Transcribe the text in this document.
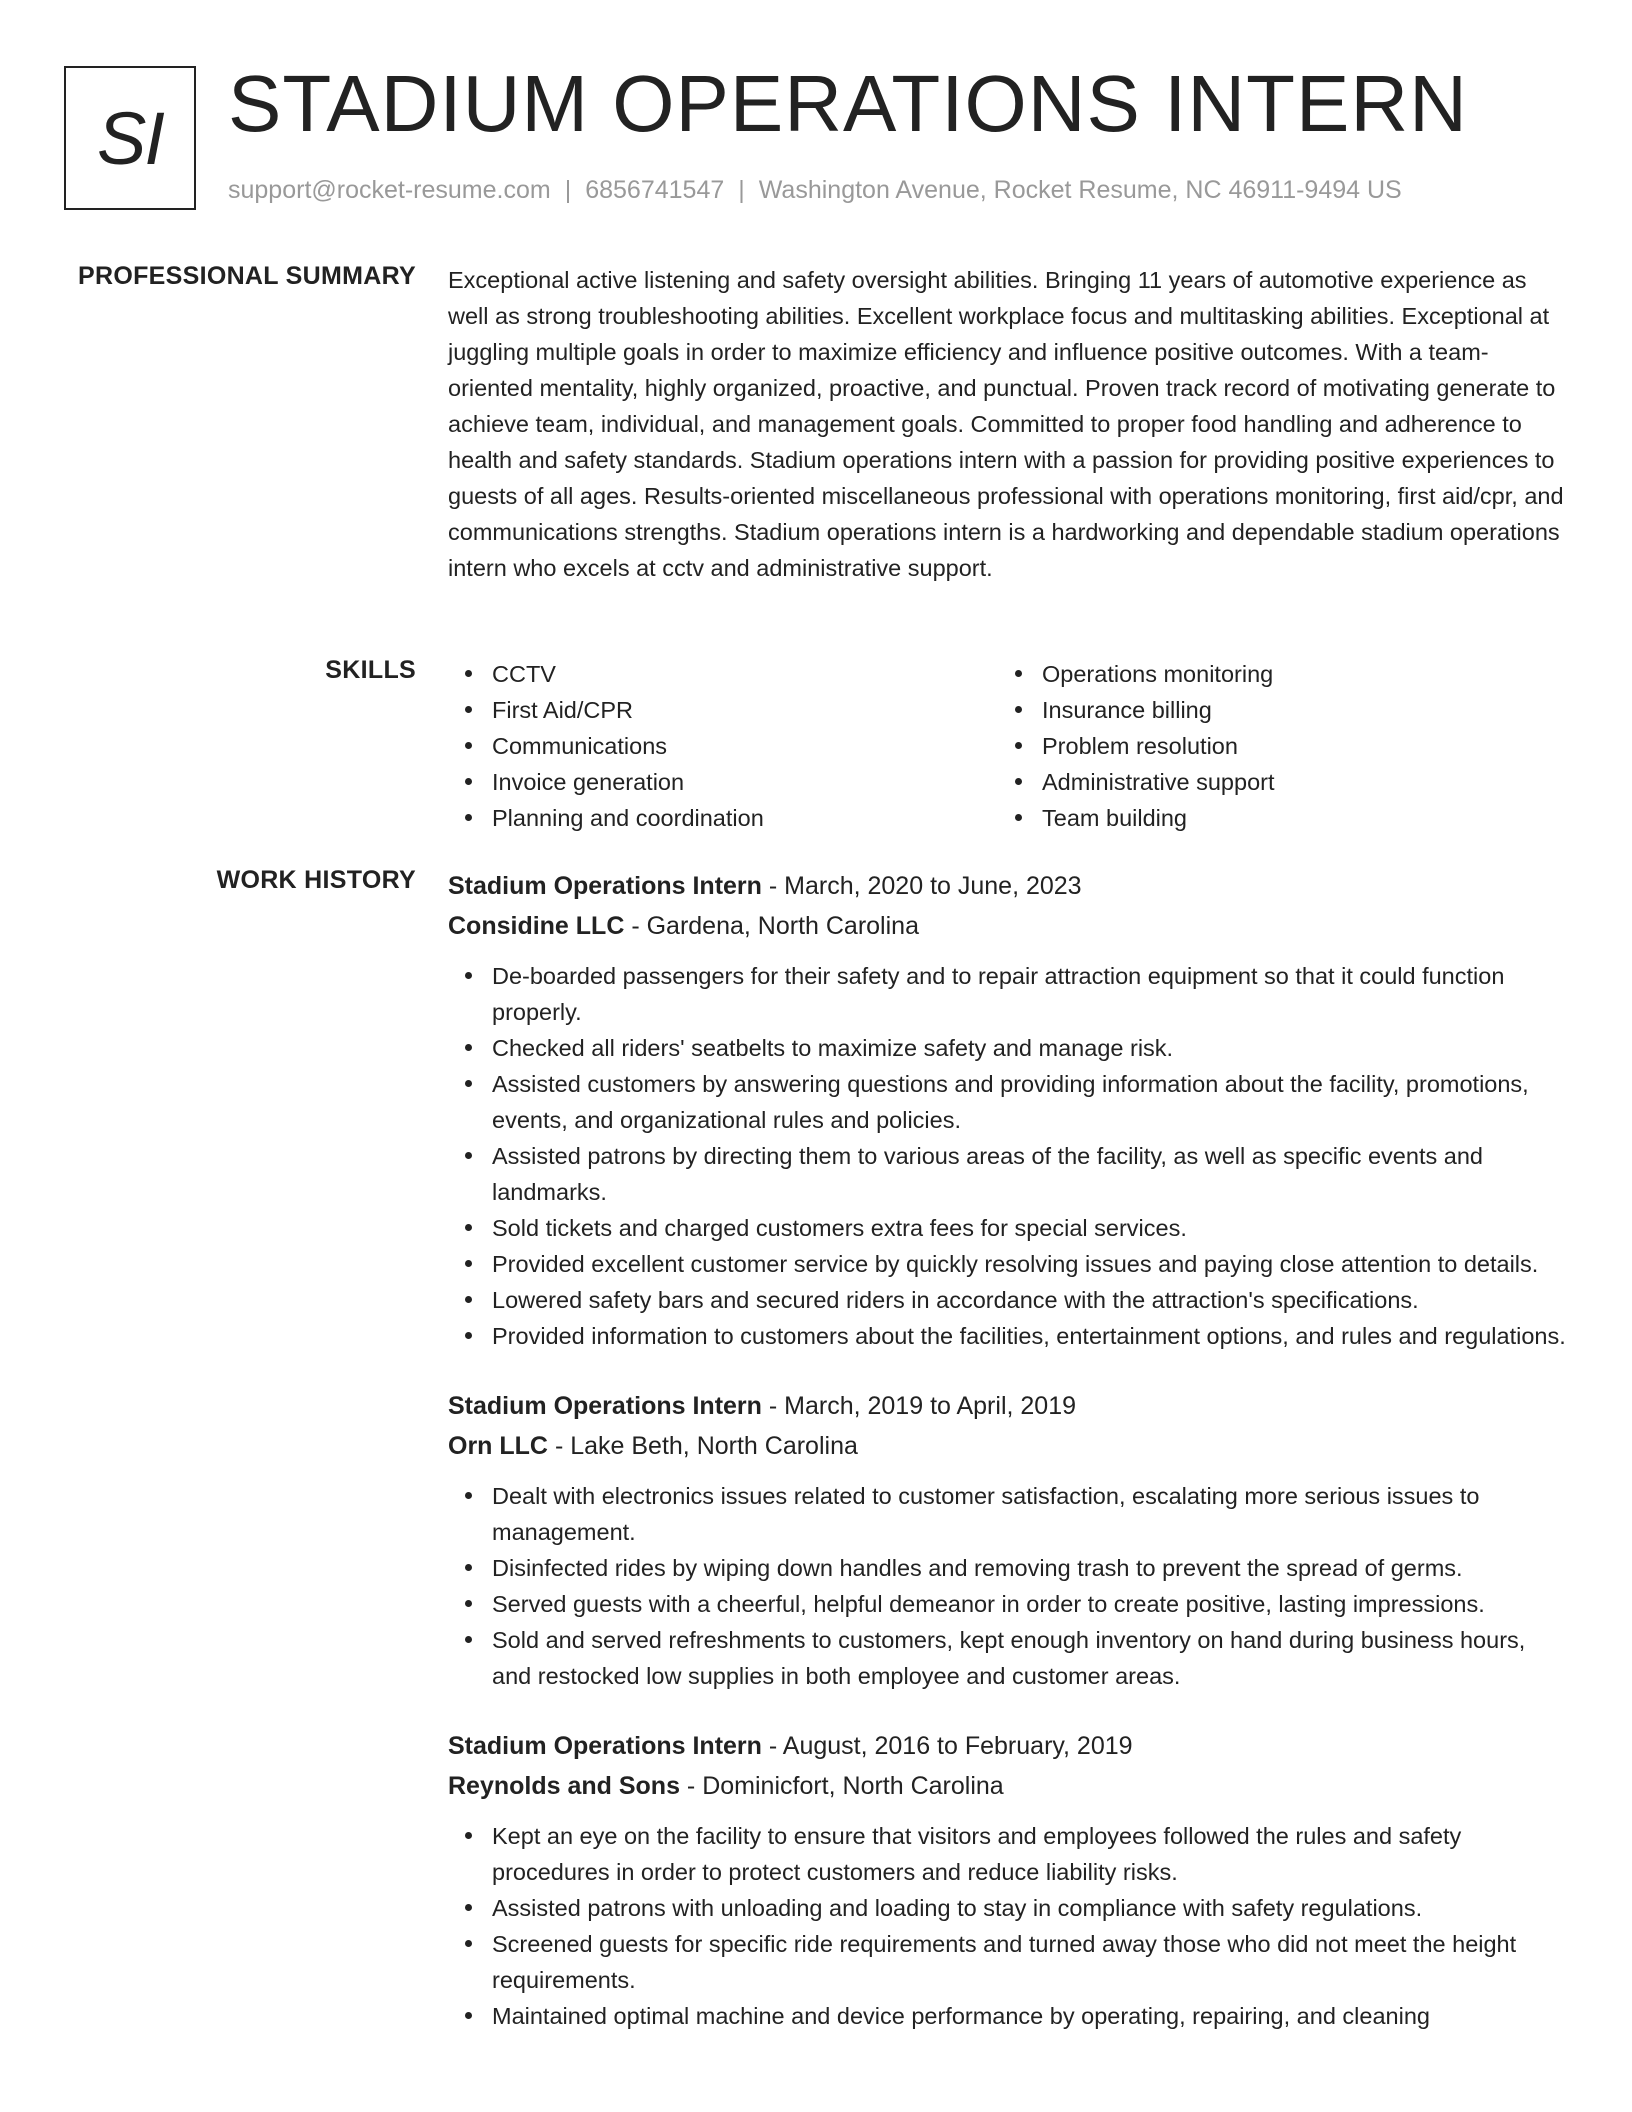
SI STADIUM OPERATIONS INTERN
support@rocket-resume.com | 6856741547 | Washington Avenue, Rocket Resume, NC 46911-9494 US
PROFESSIONAL SUMMARY Exceptional active listening and safety oversight abilities. Bringing 11 years of automotive experience as well as strong troubleshooting abilities. Excellent workplace focus and multitasking abilities. Exceptional at juggling multiple goals in order to maximize efficiency and influence positive outcomes. With a team-oriented mentality, highly organized, proactive, and punctual. Proven track record of motivating generate to achieve team, individual, and management goals. Committed to proper food handling and adherence to health and safety standards. Stadium operations intern with a passion for providing positive experiences to guests of all ages. Results-oriented miscellaneous professional with operations monitoring, first aid/cpr, and communications strengths. Stadium operations intern is a hardworking and dependable stadium operations intern who excels at cctv and administrative support.

SKILLS	CCTV
First Aid/CPR
Communications
Invoice generation
Planning and coordination
Operations monitoring
Insurance billing
Problem resolution
Administrative support
Team building
WORK HISTORY Stadium Operations Intern - March, 2020 to June, 2023
Considine LLC - Gardena, North Carolina
De-boarded passengers for their safety and to repair attraction equipment so that it could function properly.
Checked all riders' seatbelts to maximize safety and manage risk.
Assisted customers by answering questions and providing information about the facility, promotions, events, and organizational rules and policies.
Assisted patrons by directing them to various areas of the facility, as well as specific events and landmarks.
Sold tickets and charged customers extra fees for special services.
Provided excellent customer service by quickly resolving issues and paying close attention to details.
Lowered safety bars and secured riders in accordance with the attraction's specifications.
Provided information to customers about the facilities, entertainment options, and rules and regulations.
Stadium Operations Intern - March, 2019 to April, 2019
Orn LLC - Lake Beth, North Carolina
Dealt with electronics issues related to customer satisfaction, escalating more serious issues to management.
Disinfected rides by wiping down handles and removing trash to prevent the spread of germs.
Served guests with a cheerful, helpful demeanor in order to create positive, lasting impressions.
Sold and served refreshments to customers, kept enough inventory on hand during business hours, and restocked low supplies in both employee and customer areas.
Stadium Operations Intern - August, 2016 to February, 2019
Reynolds and Sons - Dominicfort, North Carolina
Kept an eye on the facility to ensure that visitors and employees followed the rules and safety procedures in order to protect customers and reduce liability risks.
Assisted patrons with unloading and loading to stay in compliance with safety regulations.
Screened guests for specific ride requirements and turned away those who did not meet the height requirements.
Maintained optimal machine and device performance by operating, repairing, and cleaning
